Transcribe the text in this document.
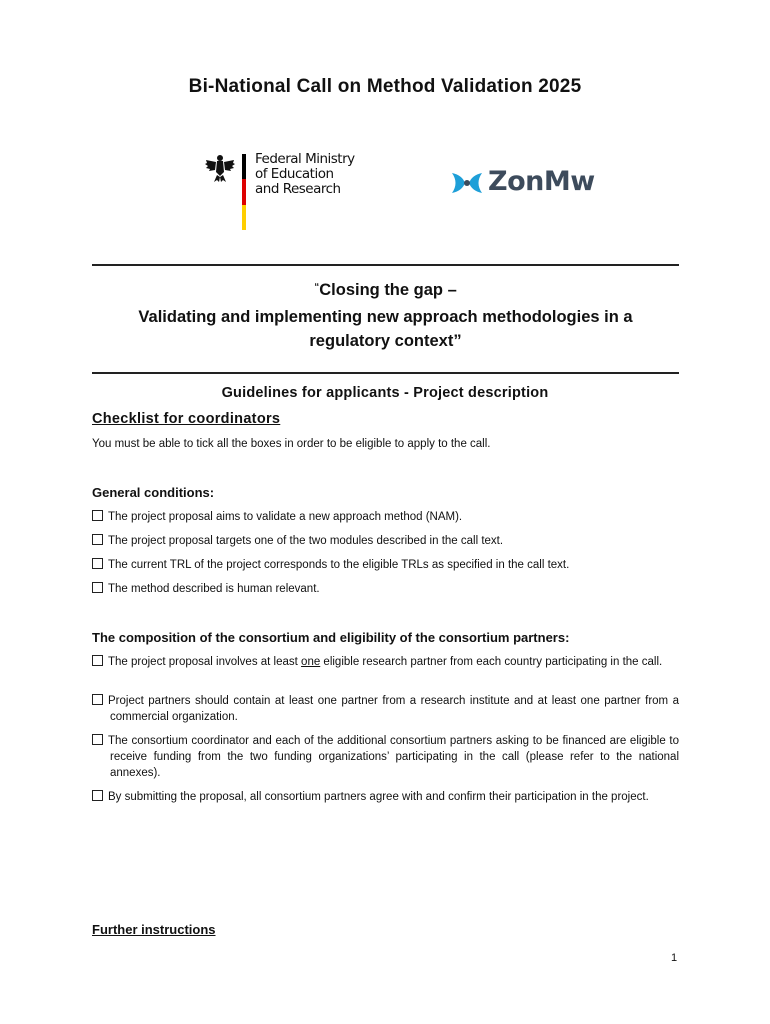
Bi-National Call on Method Validation 2025
Federal Ministry
of Education
and Research	ZonMw
“Closing the gap –
Validating and implementing new approach methodologies in a
regulatory context”
Guidelines for applicants - Project description
Checklist for coordinators
You must be able to tick all the boxes in order to be eligible to apply to the call.
General conditions:
The project proposal aims to validate a new approach method (NAM).
The project proposal targets one of the two modules described in the call text.
The current TRL of the project corresponds to the eligible TRLs as specified in the call text.
The method described is human relevant.
The composition of the consortium and eligibility of the consortium partners:
The project proposal involves at least one eligible research partner from each country participating in the call.
Project partners should contain at least one partner from a research institute and at least one partner from a commercial organization.
The consortium coordinator and each of the additional consortium partners asking to be financed are eligible to receive funding from the two funding organizations’ participating in the call (please refer to the national annexes).
By submitting the proposal, all consortium partners agree with and confirm their participation in the project.
Further instructions
1
